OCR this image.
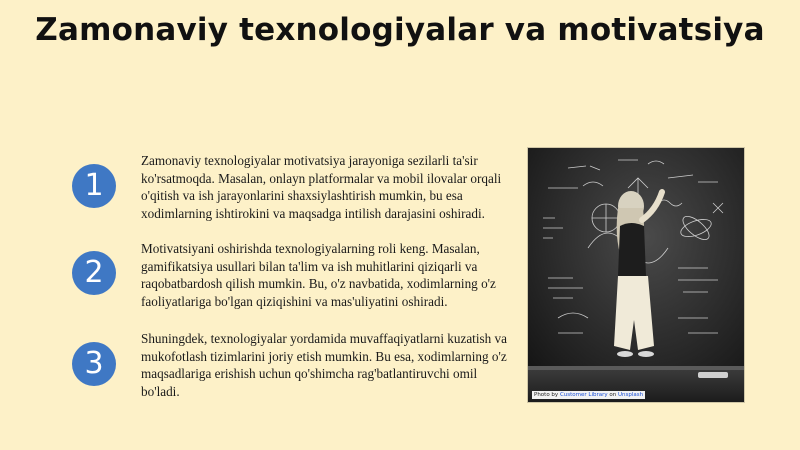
Zamonaviy texnologiyalar va motivatsiya
1
Zamonaviy texnologiyalar motivatsiya jarayoniga sezilarli ta'sir ko'rsatmoqda. Masalan, onlayn platformalar va mobil ilovalar orqali o'qitish va ish jarayonlarini shaxsiylashtirish mumkin, bu esa xodimlarning ishtirokini va maqsadga intilish darajasini oshiradi.
2
Motivatsiyani oshirishda texnologiyalarning roli keng. Masalan, gamifikatsiya usullari bilan ta'lim va ish muhitlarini qiziqarli va raqobatbardosh qilish mumkin. Bu, o'z navbatida, xodimlarning o'z faoliyatlariga bo'lgan qiziqishini va mas'uliyatini oshiradi.
3
Shuningdek, texnologiyalar yordamida muvaffaqiyatlarni kuzatish va mukofotlash tizimlarini joriy etish mumkin. Bu esa, xodimlarning o'z maqsadlariga erishish uchun qo'shimcha rag'batlantiruvchi omil bo'ladi.	Photo by Customer Library on Unsplash
